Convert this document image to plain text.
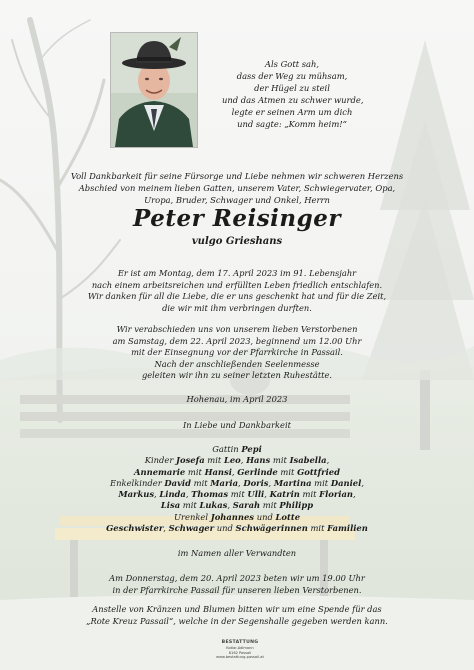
Als Gott sah,
dass der Weg zu mühsam,
der Hügel zu steil
und das Atmen zu schwer wurde,
legte er seinen Arm um dich
und sagte: „Komm heim!“
Voll Dankbarkeit für seine Fürsorge und Liebe nehmen wir schweren Herzens
Abschied von meinem lieben Gatten, unserem Vater, Schwiegervater, Opa,
Uropa, Bruder, Schwager und Onkel, Herrn
Peter Reisinger
vulgo Grieshans
Er ist am Montag, dem 17. April 2023 im 91. Lebensjahr
nach einem arbeitsreichen und erfüllten Leben friedlich entschlafen.
Wir danken für all die Liebe, die er uns geschenkt hat und für die Zeit,
die wir mit ihm verbringen durften.
Wir verabschieden uns von unserem lieben Verstorbenen
am Samstag, dem 22. April 2023, beginnend um 12.00 Uhr
mit der Einsegnung vor der Pfarrkirche in Passail.
Nach der anschließenden Seelenmesse
geleiten wir ihn zu seiner letzten Ruhestätte.
Hohenau, im April 2023
In Liebe und Dankbarkeit
Gattin Pepi
Kinder Josefa mit Leo, Hans mit Isabella,
Annemarie mit Hansi, Gerlinde mit Gottfried
Enkelkinder David mit Maria, Doris, Martina mit Daniel,
Markus, Linda, Thomas mit Ulli, Katrin mit Florian,
Lisa mit Lukas, Sarah mit Philipp
Urenkel Johannes und Lotte
Geschwister, Schwager und Schwägerinnen mit Familien
im Namen aller Verwandten
Am Donnerstag, dem 20. April 2023 beten wir um 19.00 Uhr
in der Pfarrkirche Passail für unseren lieben Verstorbenen.
Anstelle von Kränzen und Blumen bitten wir um eine Spende für das
„Rote Kreuz Passail“, welche in der Segenshalle gegeben werden kann.
BESTATTUNG
Kotlar-Adlmann
8162 Passail
www.bestattung-passail.at
